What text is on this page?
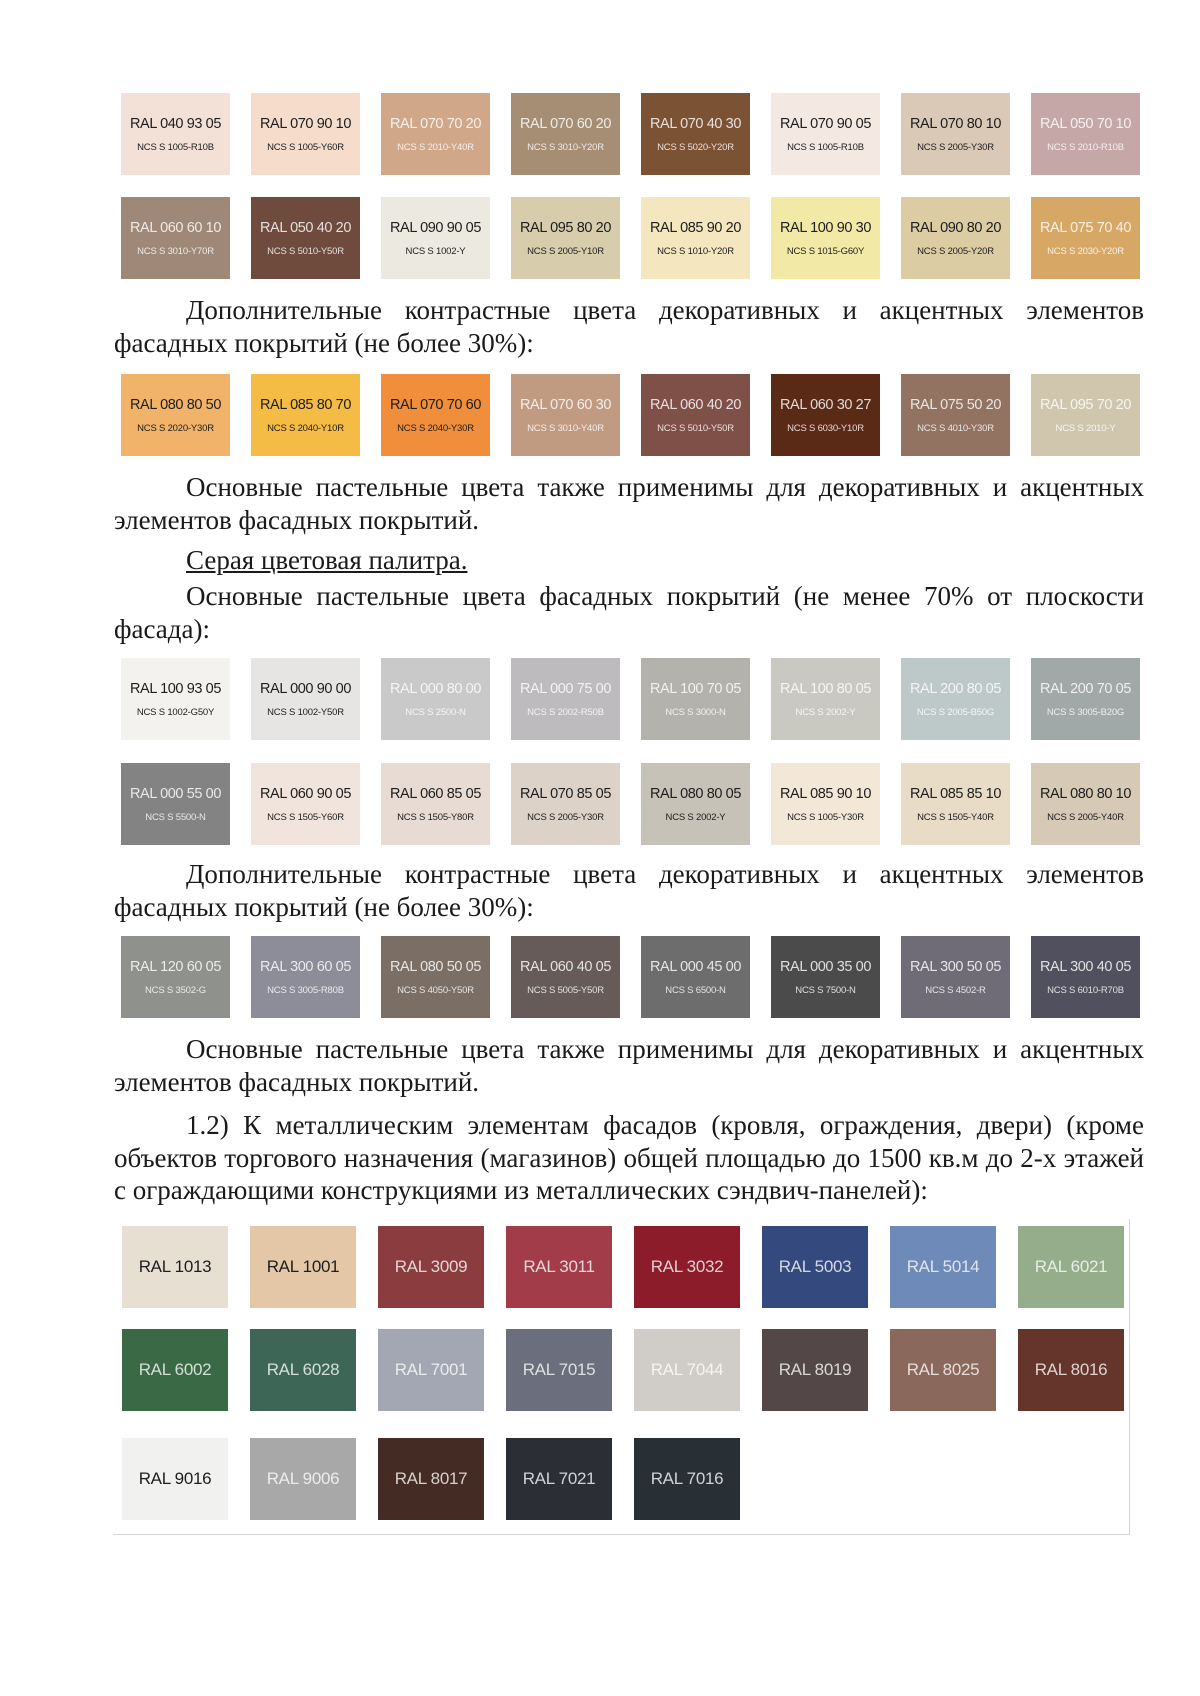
RAL 040 93 05
NCS S 1005-R10B
RAL 070 90 10
NCS S 1005-Y60R
RAL 070 70 20
NCS S 2010-Y40R
RAL 070 60 20
NCS S 3010-Y20R
RAL 070 40 30
NCS S 5020-Y20R
RAL 070 90 05
NCS S 1005-R10B
RAL 070 80 10
NCS S 2005-Y30R
RAL 050 70 10
NCS S 2010-R10B
RAL 060 60 10
NCS S 3010-Y70R
RAL 050 40 20
NCS S 5010-Y50R
RAL 090 90 05
NCS S 1002-Y
RAL 095 80 20
NCS S 2005-Y10R
RAL 085 90 20
NCS S 1010-Y20R
RAL 100 90 30
NCS S 1015-G60Y
RAL 090 80 20
NCS S 2005-Y20R
RAL 075 70 40
NCS S 2030-Y20R

Дополнительные контрастные цвета декоративных и акцентных элементов фасадных покрытий (не более 30%):

RAL 080 80 50
NCS S 2020-Y30R
RAL 085 80 70
NCS S 2040-Y10R
RAL 070 70 60
NCS S 2040-Y30R
RAL 070 60 30
NCS S 3010-Y40R
RAL 060 40 20
NCS S 5010-Y50R
RAL 060 30 27
NCS S 6030-Y10R
RAL 075 50 20
NCS S 4010-Y30R
RAL 095 70 20
NCS S 2010-Y

Основные пастельные цвета также применимы для декоративных и акцентных элементов фасадных покрытий.

Серая цветовая палитра.

Основные пастельные цвета фасадных покрытий (не менее 70% от плоскости фасада):

RAL 100 93 05
NCS S 1002-G50Y
RAL 000 90 00
NCS S 1002-Y50R
RAL 000 80 00
NCS S 2500-N
RAL 000 75 00
NCS S 2002-R50B
RAL 100 70 05
NCS S 3000-N
RAL 100 80 05
NCS S 2002-Y
RAL 200 80 05
NCS S 2005-B50G
RAL 200 70 05
NCS S 3005-B20G
RAL 000 55 00
NCS S 5500-N
RAL 060 90 05
NCS S 1505-Y60R
RAL 060 85 05
NCS S 1505-Y80R
RAL 070 85 05
NCS S 2005-Y30R
RAL 080 80 05
NCS S 2002-Y
RAL 085 90 10
NCS S 1005-Y30R
RAL 085 85 10
NCS S 1505-Y40R
RAL 080 80 10
NCS S 2005-Y40R

Дополнительные контрастные цвета декоративных и акцентных элементов фасадных покрытий (не более 30%):

RAL 120 60 05
NCS S 3502-G
RAL 300 60 05
NCS S 3005-R80B
RAL 080 50 05
NCS S 4050-Y50R
RAL 060 40 05
NCS S 5005-Y50R
RAL 000 45 00
NCS S 6500-N
RAL 000 35 00
NCS S 7500-N
RAL 300 50 05
NCS S 4502-R
RAL 300 40 05
NCS S 6010-R70B

Основные пастельные цвета также применимы для декоративных и акцентных элементов фасадных покрытий.

1.2) К металлическим элементам фасадов (кровля, ограждения, двери) (кроме объектов торгового назначения (магазинов) общей площадью до 1500 кв.м до 2-х этажей с ограждающими конструкциями из металлических сэндвич-панелей):

RAL 1013	RAL 1001	RAL 3009	RAL 3011	RAL 3032	RAL 5003	RAL 5014	RAL 6021
RAL 6002	RAL 6028	RAL 7001	RAL 7015	RAL 7044	RAL 8019	RAL 8025	RAL 8016
RAL 9016	RAL 9006	RAL 8017	RAL 7021	RAL 7016
